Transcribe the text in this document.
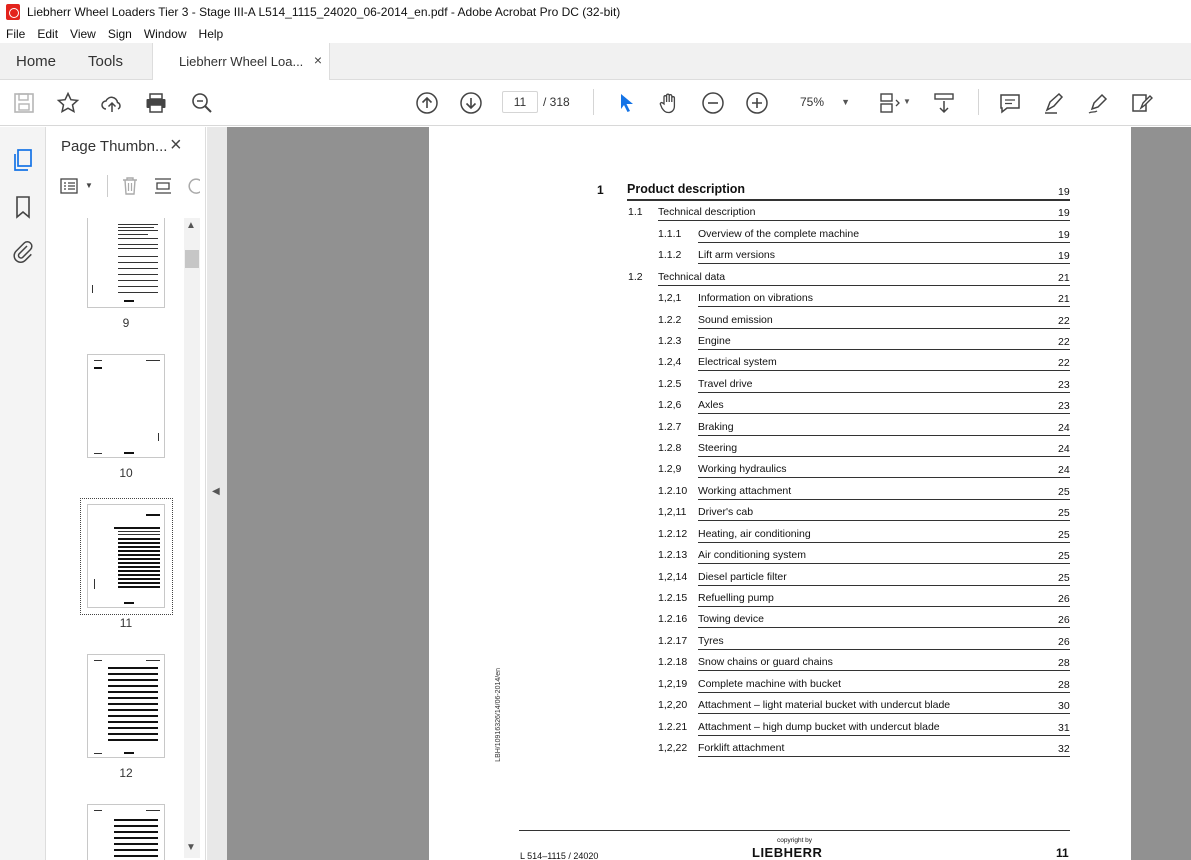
Liebherr Wheel Loaders Tier 3 - Stage III-A L514_1115_24020_06-2014_en.pdf - Adobe Acrobat Pro DC (32-bit)
File Edit View Sign Window Help
Home Tools	Liebherr Wheel Loa... ×
11	/ 318	75% ▼	▼
Page Thumbn... ×
▼
▲
▼
9
10
11
12
◀
1 Product description	19
1.1 Technical description	19
1.1.1 Overview of the complete machine	19
1.1.2 Lift arm versions	19
1.2 Technical data	21
1,2,1 Information on vibrations	21
1.2.2 Sound emission	22
1.2.3 Engine	22
1.2,4 Electrical system	22
1.2.5 Travel drive	23
1.2,6 Axles	23
1.2.7 Braking	24
1.2.8 Steering	24
1.2,9 Working hydraulics	24
1.2.10 Working attachment	25
1,2,11 Driver's cab	25
1.2.12 Heating, air conditioning	25
1.2.13 Air conditioning system	25
1,2,14 Diesel particle filter	25
1.2.15 Refuelling pump	26
1.2.16 Towing device	26
1.2.17 Tyres	26
1.2.18 Snow chains or guard chains	28
1,2,19 Complete machine with bucket	28
1,2,20 Attachment – light material bucket with undercut blade	30
1.2.21 Attachment – high dump bucket with undercut blade	31
1,2,22 Forklift attachment	32
LBH/10916326/14/06-2014/en
L 514–1115 / 24020
copyright by
LIEBHERR	11
